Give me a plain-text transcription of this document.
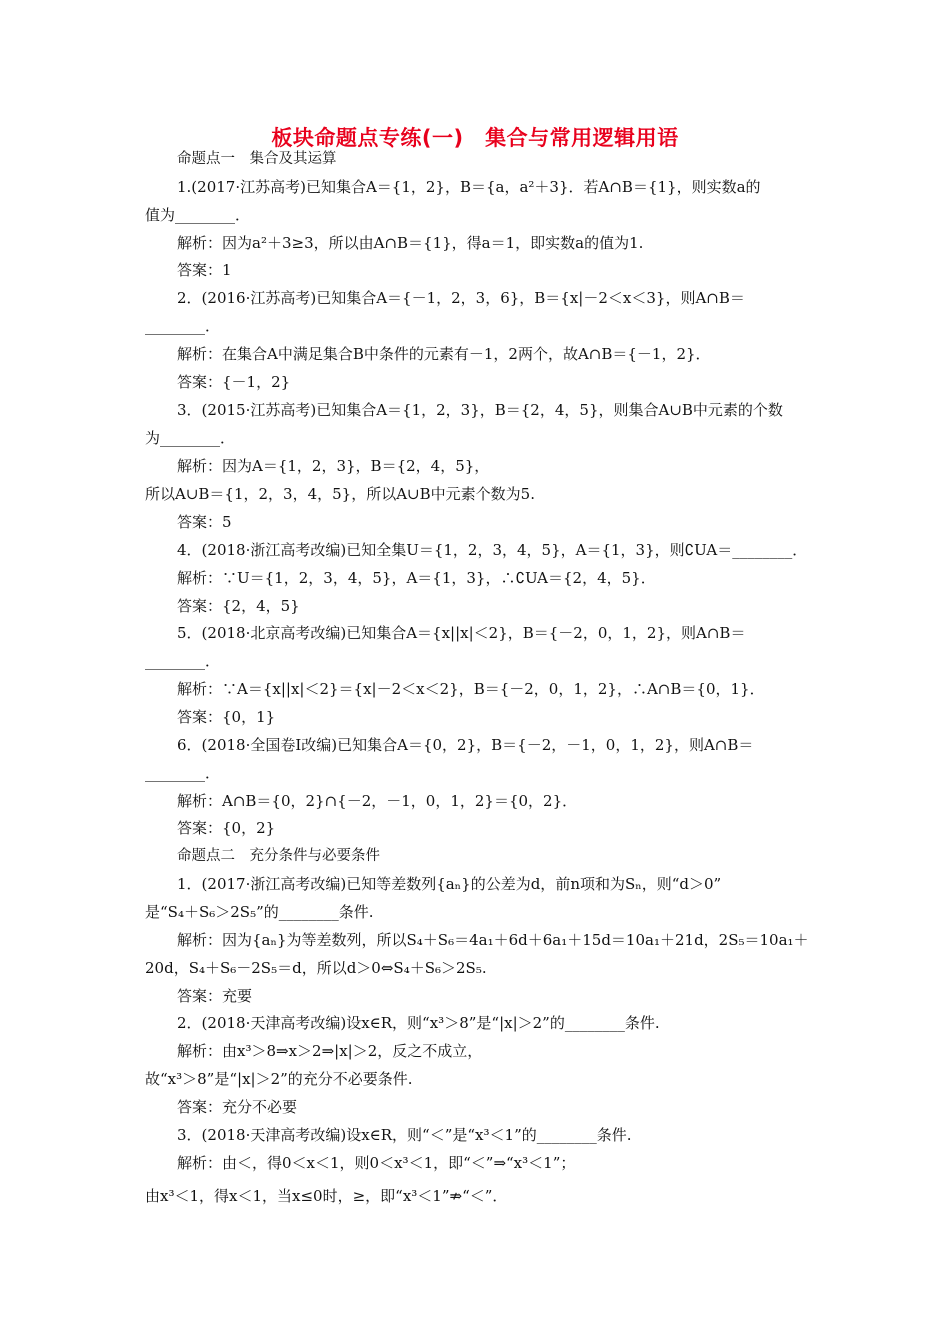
板块命题点专练(一)　集合与常用逻辑用语
命题点一　集合及其运算
1.(2017·江苏高考)已知集合A＝{1，2}，B＝{a，a²＋3}．若A∩B＝{1}，则实数a的
值为________．
解析：因为a²＋3≥3，所以由A∩B＝{1}，得a＝1，即实数a的值为1.
答案：1
2．(2016·江苏高考)已知集合A＝{－1，2，3，6}，B＝{x|－2＜x＜3}，则A∩B＝
________．
解析：在集合A中满足集合B中条件的元素有－1，2两个，故A∩B＝{－1，2}．
答案：{－1，2}
3．(2015·江苏高考)已知集合A＝{1，2，3}，B＝{2，4，5}，则集合A∪B中元素的个数
为________．
解析：因为A＝{1，2，3}，B＝{2，4，5}，
所以A∪B＝{1，2，3，4，5}，所以A∪B中元素个数为5.
答案：5
4．(2018·浙江高考改编)已知全集U＝{1，2，3，4，5}，A＝{1，3}，则∁UA＝________．
解析：∵U＝{1，2，3，4，5}，A＝{1，3}，∴∁UA＝{2，4，5}．
答案：{2，4，5}
5．(2018·北京高考改编)已知集合A＝{x||x|＜2}，B＝{－2，0，1，2}，则A∩B＝
________．
解析：∵A＝{x||x|＜2}＝{x|－2＜x＜2}，B＝{－2，0，1，2}，∴A∩B＝{0，1}．
答案：{0，1}
6．(2018·全国卷Ⅰ改编)已知集合A＝{0，2}，B＝{－2，－1，0，1，2}，则A∩B＝
________．
解析：A∩B＝{0，2}∩{－2，－1，0，1，2}＝{0，2}．
答案：{0，2}
命题点二　充分条件与必要条件
1．(2017·浙江高考改编)已知等差数列{aₙ}的公差为d，前n项和为Sₙ，则“d＞0”
是“S₄＋S₆＞2S₅”的________条件.
解析：因为{aₙ}为等差数列，所以S₄＋S₆＝4a₁＋6d＋6a₁＋15d＝10a₁＋21d，2S₅＝10a₁＋
20d，S₄＋S₆－2S₅＝d，所以d＞0⇔S₄＋S₆＞2S₅.
答案：充要
2．(2018·天津高考改编)设x∈R，则“x³＞8”是“|x|＞2”的________条件.
解析：由x³＞8⇒x＞2⇒|x|＞2，反之不成立，
故“x³＞8”是“|x|＞2”的充分不必要条件.
答案：充分不必要
3．(2018·天津高考改编)设x∈R，则“＜”是“x³＜1”的________条件.
解析：由＜，得0＜x＜1，则0＜x³＜1，即“＜”⇒“x³＜1”；
由x³＜1，得x＜1，当x≤0时，≥，即“x³＜1”⇏“＜”．
